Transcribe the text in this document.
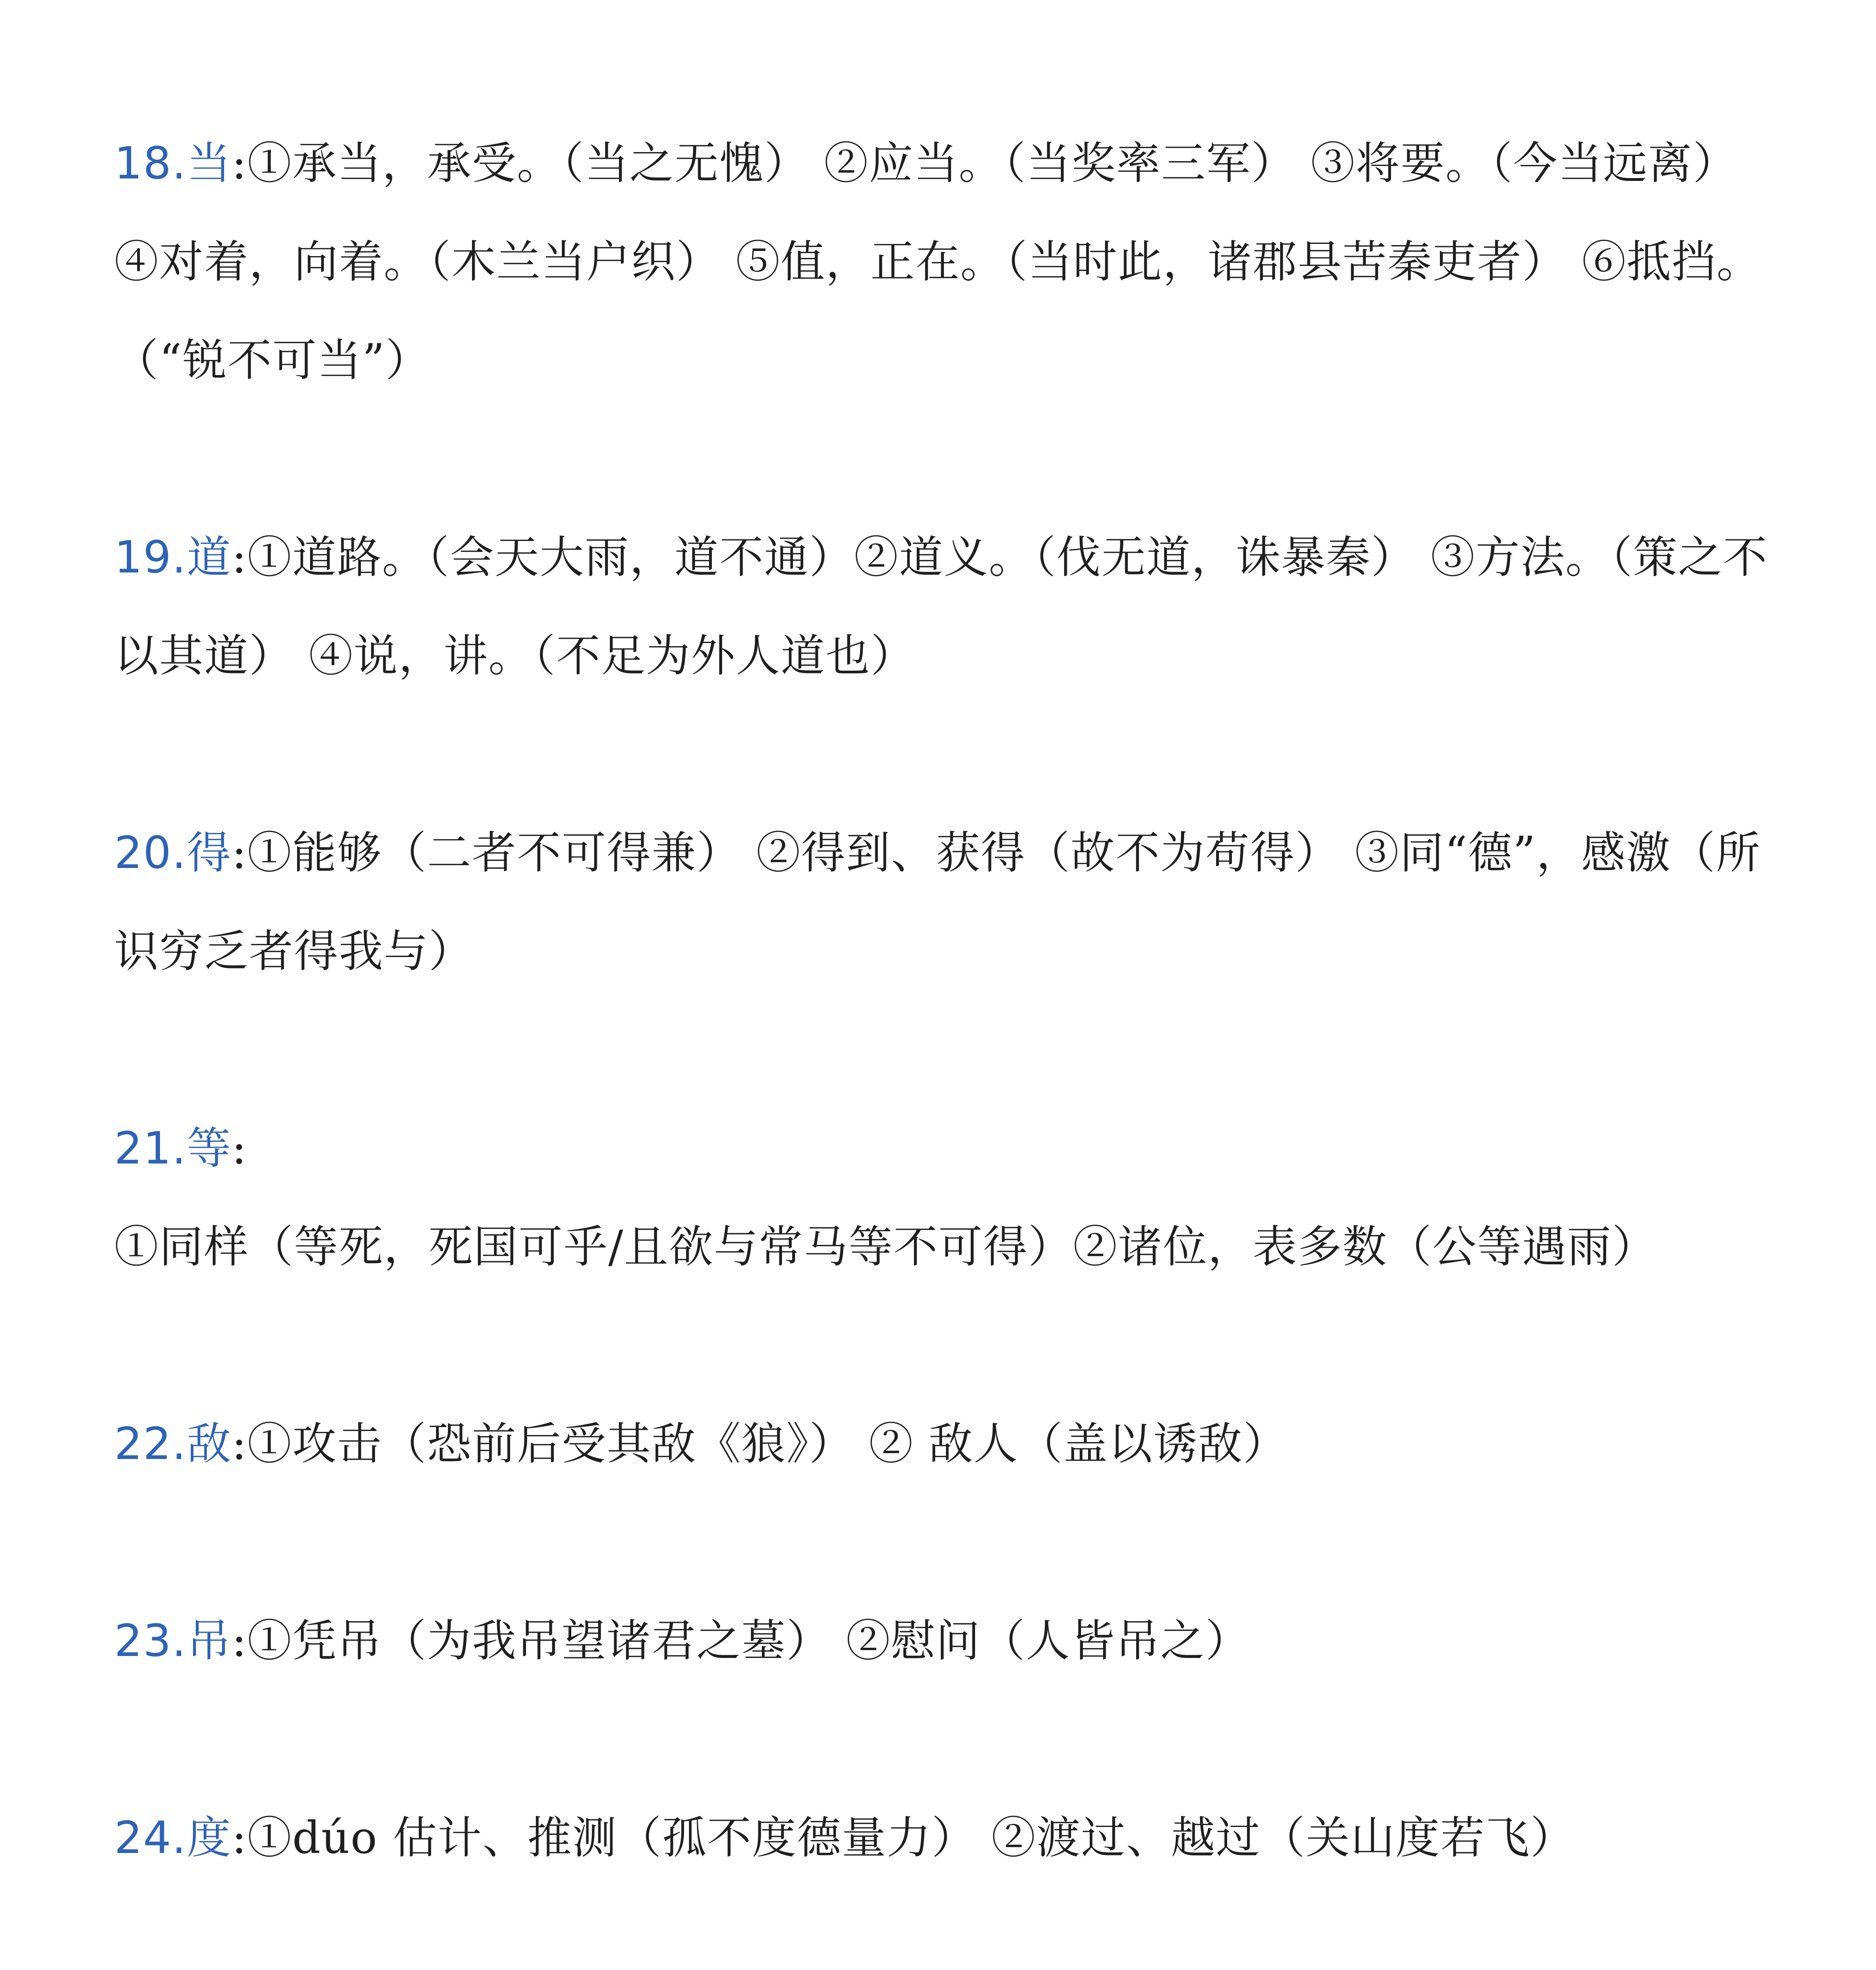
18.当:①承当，承受。（当之无愧） ②应当。（当奖率三军） ③将要。（今当远离） ④对着，向着。（木兰当户织） ⑤值，正在。（当时此，诸郡县苦秦吏者） ⑥抵挡。（“锐不可当”）
19.道:①道路。（会天大雨，道不通）②道义。（伐无道，诛暴秦） ③方法。（策之不以其道） ④说，讲。（不足为外人道也）
20.得:①能够（二者不可得兼） ②得到、获得（故不为苟得） ③同“德”，感激（所识穷乏者得我与）
21.等:①同样（等死，死国可乎/且欲与常马等不可得）②诸位，表多数（公等遇雨）
22.敌:①攻击（恐前后受其敌《狼》） ② 敌人（盖以诱敌）
23.吊:①凭吊（为我吊望诸君之墓） ②慰问（人皆吊之）
24.度:①dúo 估计、推测（孤不度德量力） ②渡过、越过（关山度若飞）
